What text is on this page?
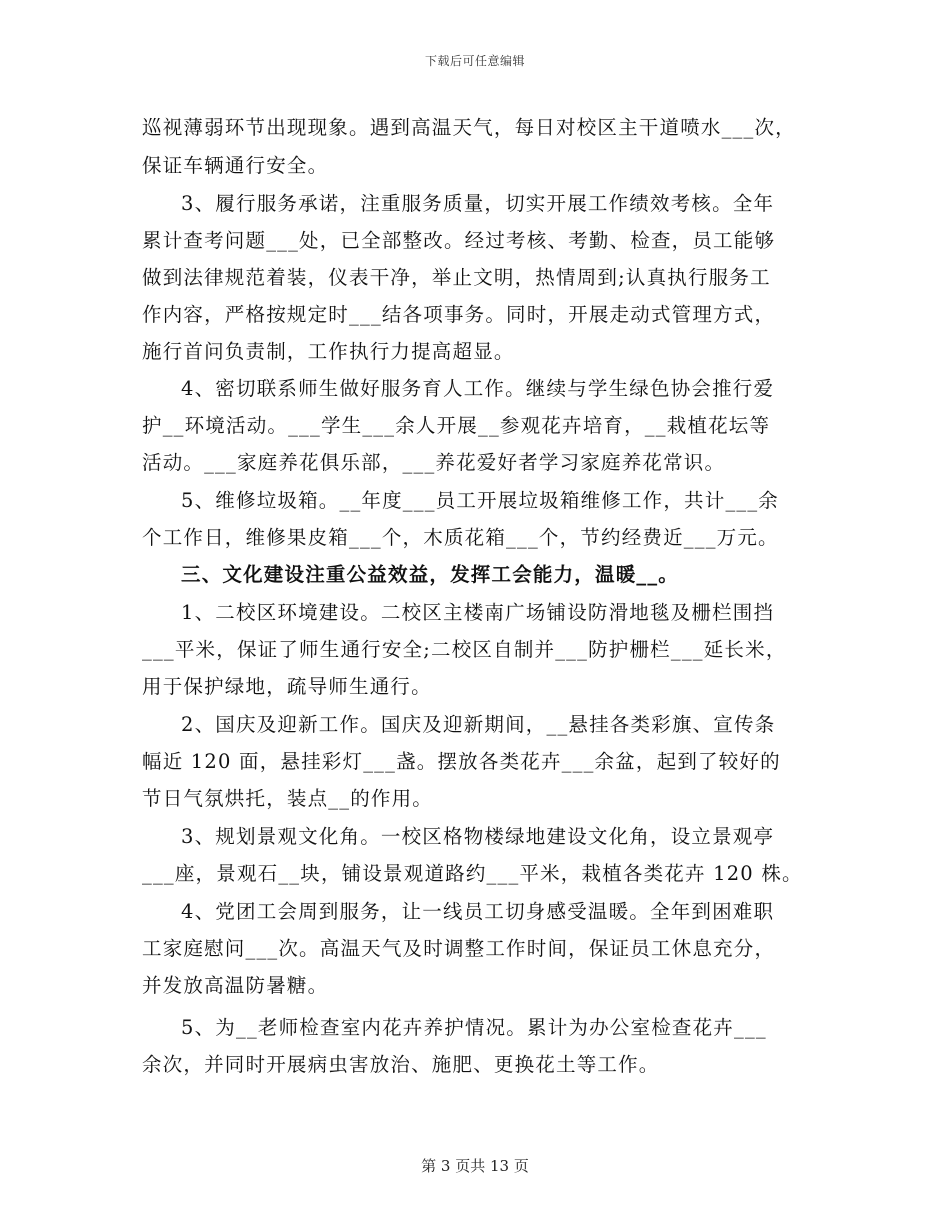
下载后可任意编辑
巡视薄弱环节出现现象。遇到高温天气，每日对校区主干道喷水___次，
保证车辆通行安全。
3、履行服务承诺，注重服务质量，切实开展工作绩效考核。全年
累计查考问题___处，已全部整改。经过考核、考勤、检查，员工能够
做到法律规范着装，仪表干净，举止文明，热情周到;认真执行服务工
作内容，严格按规定时___结各项事务。同时，开展走动式管理方式，
施行首问负责制，工作执行力提高超显。
4、密切联系师生做好服务育人工作。继续与学生绿色协会推行爱
护__环境活动。___学生___余人开展__参观花卉培育，__栽植花坛等
活动。___家庭养花俱乐部，___养花爱好者学习家庭养花常识。
5、维修垃圾箱。__年度___员工开展垃圾箱维修工作，共计___余
个工作日，维修果皮箱___个，木质花箱___个，节约经费近___万元。
三、文化建设注重公益效益，发挥工会能力，温暖__。
1、二校区环境建设。二校区主楼南广场铺设防滑地毯及栅栏围挡
___平米，保证了师生通行安全;二校区自制并___防护栅栏___延长米，
用于保护绿地，疏导师生通行。
2、国庆及迎新工作。国庆及迎新期间，__悬挂各类彩旗、宣传条
幅近 120 面，悬挂彩灯___盏。摆放各类花卉___余盆，起到了较好的
节日气氛烘托，装点__的作用。
3、规划景观文化角。一校区格物楼绿地建设文化角，设立景观亭
___座，景观石__块，铺设景观道路约___平米，栽植各类花卉 120 株。
4、党团工会周到服务，让一线员工切身感受温暖。全年到困难职
工家庭慰问___次。高温天气及时调整工作时间，保证员工休息充分，
并发放高温防暑糖。
5、为__老师检查室内花卉养护情况。累计为办公室检查花卉___
余次，并同时开展病虫害放治、施肥、更换花土等工作。
第 3 页共 13 页
